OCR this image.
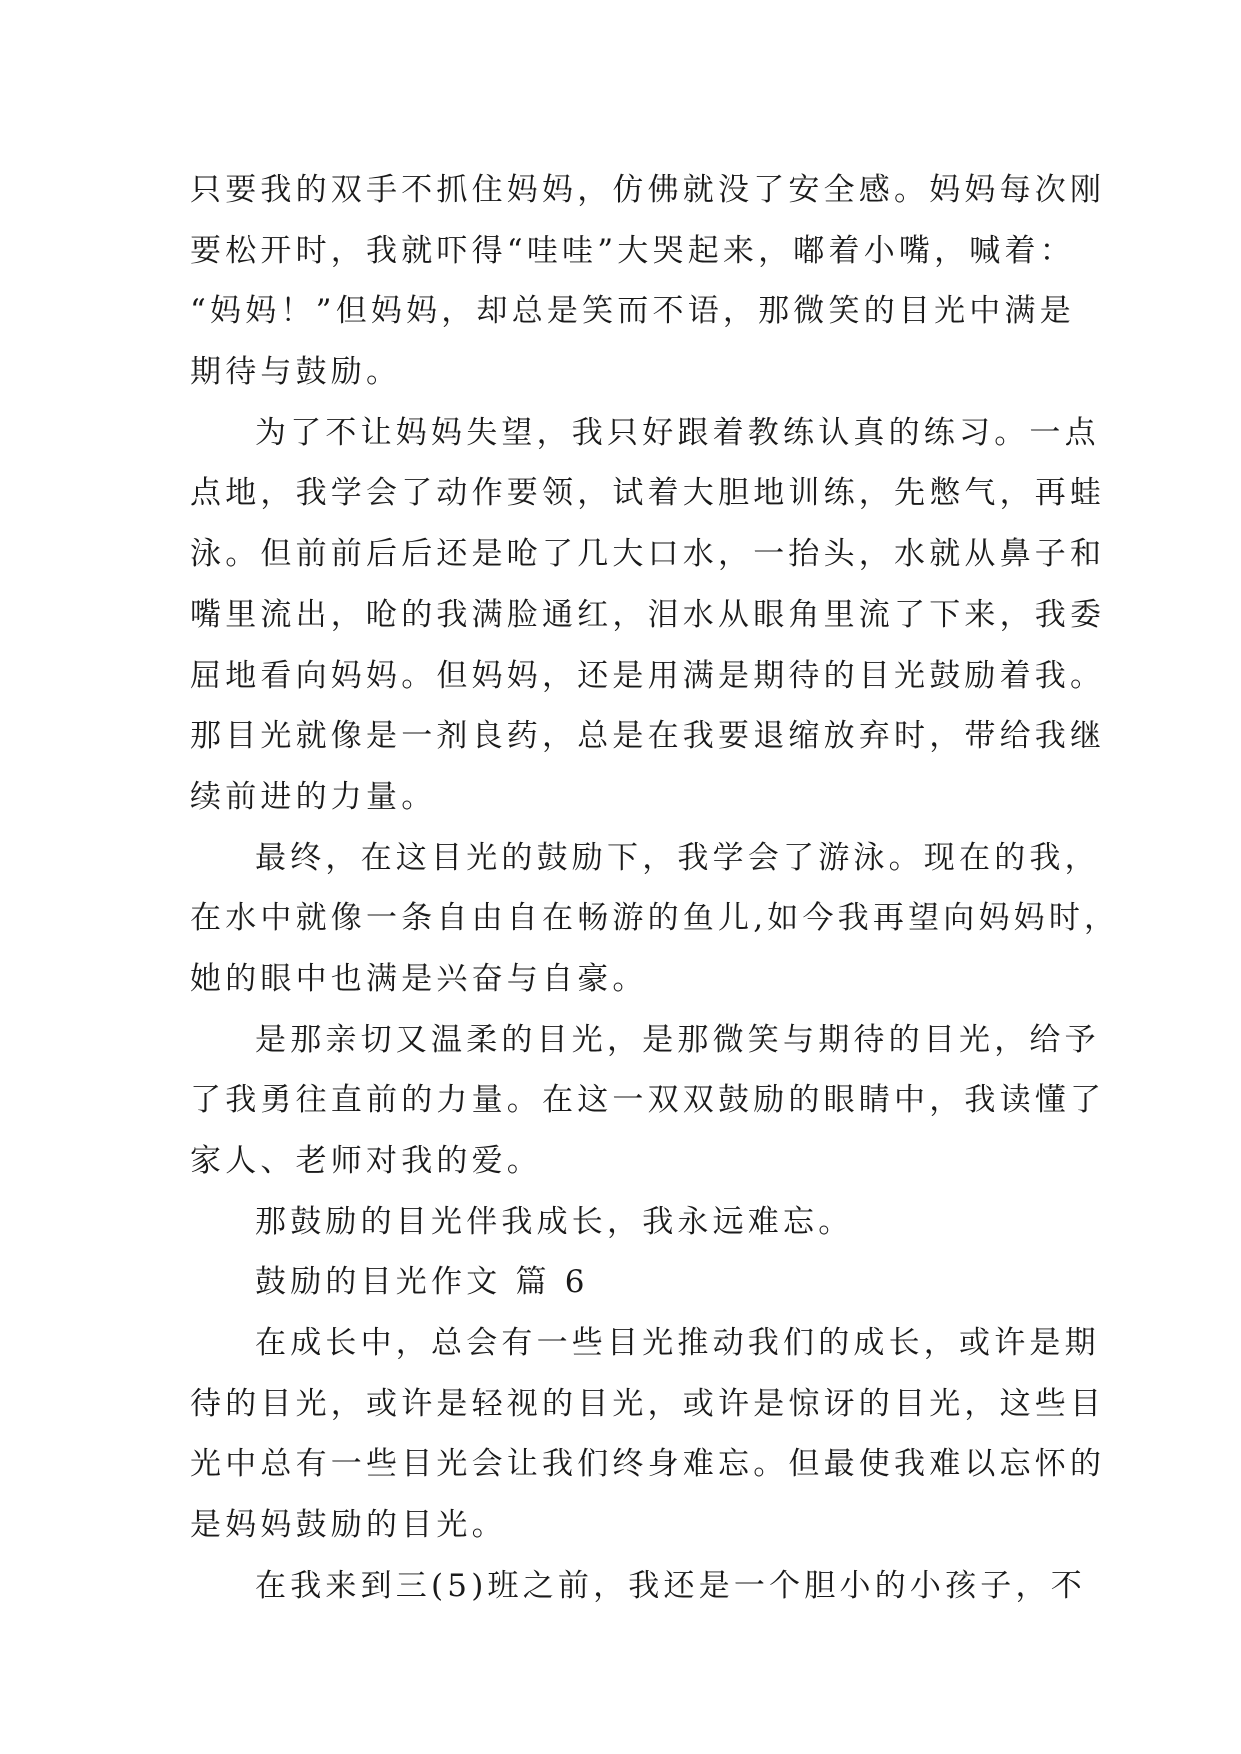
只要我的双手不抓住妈妈，仿佛就没了安全感。妈妈每次刚
要松开时，我就吓得“哇哇”大哭起来，嘟着小嘴，喊着：
“妈妈！”但妈妈，却总是笑而不语，那微笑的目光中满是
期待与鼓励。
为了不让妈妈失望，我只好跟着教练认真的练习。一点
点地，我学会了动作要领，试着大胆地训练，先憋气，再蛙
泳。但前前后后还是呛了几大口水，一抬头，水就从鼻子和
嘴里流出，呛的我满脸通红，泪水从眼角里流了下来，我委
屈地看向妈妈。但妈妈，还是用满是期待的目光鼓励着我。
那目光就像是一剂良药，总是在我要退缩放弃时，带给我继
续前进的力量。
最终，在这目光的鼓励下，我学会了游泳。现在的我，
在水中就像一条自由自在畅游的鱼儿,如今我再望向妈妈时，
她的眼中也满是兴奋与自豪。
是那亲切又温柔的目光，是那微笑与期待的目光，给予
了我勇往直前的力量。在这一双双鼓励的眼睛中，我读懂了
家人、老师对我的爱。
那鼓励的目光伴我成长，我永远难忘。
鼓励的目光作文 篇 6
在成长中，总会有一些目光推动我们的成长，或许是期
待的目光，或许是轻视的目光，或许是惊讶的目光，这些目
光中总有一些目光会让我们终身难忘。但最使我难以忘怀的
是妈妈鼓励的目光。
在我来到三(5)班之前，我还是一个胆小的小孩子，不
